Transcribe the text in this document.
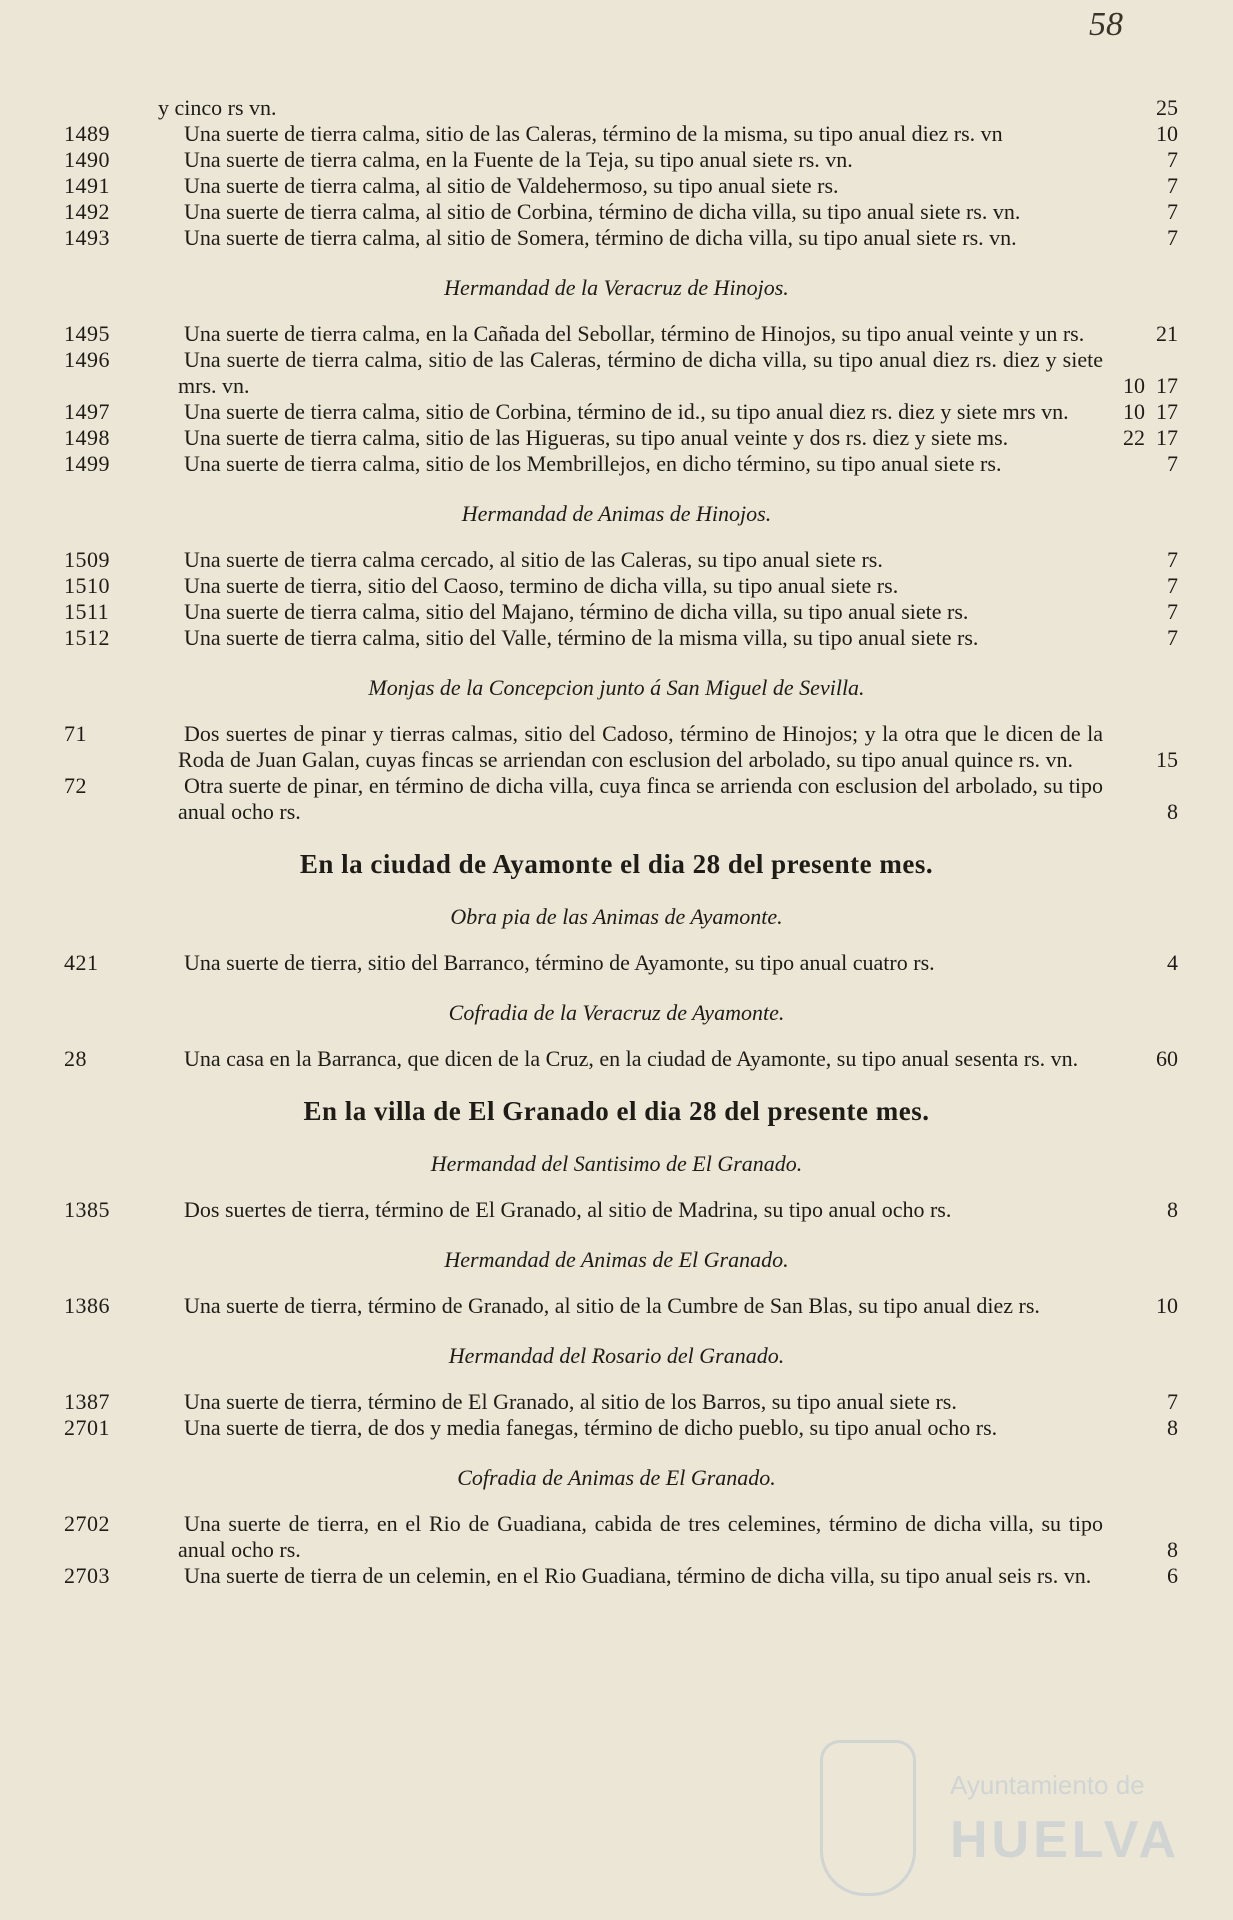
58
y cinco rs vn.	25
1489	Una suerte de tierra calma, sitio de las Caleras, término de la misma, su tipo anual diez rs. vn	10
1490	Una suerte de tierra calma, en la Fuente de la Teja, su tipo anual siete rs. vn.	7
1491	Una suerte de tierra calma, al sitio de Valdehermoso, su tipo anual siete rs.	7
1492	Una suerte de tierra calma, al sitio de Corbina, término de dicha villa, su tipo anual siete rs. vn.	7
1493	Una suerte de tierra calma, al sitio de Somera, término de dicha villa, su tipo anual siete rs. vn.	7
Hermandad de la Veracruz de Hinojos.
1495	Una suerte de tierra calma, en la Cañada del Sebollar, término de Hinojos, su tipo anual veinte y un rs.	21
1496	Una suerte de tierra calma, sitio de las Caleras, término de dicha villa, su tipo anual diez rs. diez y siete mrs. vn.	10  17
1497	Una suerte de tierra calma, sitio de Corbina, término de id., su tipo anual diez rs. diez y siete mrs vn.	10  17
1498	Una suerte de tierra calma, sitio de las Higueras, su tipo anual veinte y dos rs. diez y siete ms.	22  17
1499	Una suerte de tierra calma, sitio de los Membrillejos, en dicho término, su tipo anual siete rs.	7
Hermandad de Animas de Hinojos.
1509	Una suerte de tierra calma cercado, al sitio de las Caleras, su tipo anual siete rs.	7
1510	Una suerte de tierra, sitio del Caoso, termino de dicha villa, su tipo anual siete rs.	7
1511	Una suerte de tierra calma, sitio del Majano, término de dicha villa, su tipo anual siete rs.	7
1512	Una suerte de tierra calma, sitio del Valle, término de la misma villa, su tipo anual siete rs.	7
Monjas de la Concepcion junto á San Miguel de Sevilla.
71	Dos suertes de pinar y tierras calmas, sitio del Cadoso, término de Hinojos; y la otra que le dicen de la Roda de Juan Galan, cuyas fincas se arriendan con esclusion del arbolado, su tipo anual quince rs. vn.	15
72	Otra suerte de pinar, en término de dicha villa, cuya finca se arrienda con esclusion del arbolado, su tipo anual ocho rs.	8
En la ciudad de Ayamonte el dia 28 del presente mes.
Obra pia de las Animas de Ayamonte.
421	Una suerte de tierra, sitio del Barranco, término de Ayamonte, su tipo anual cuatro rs.	4
Cofradia de la Veracruz de Ayamonte.
28	Una casa en la Barranca, que dicen de la Cruz, en la ciudad de Ayamonte, su tipo anual sesenta rs. vn.	60
En la villa de El Granado el dia 28 del presente mes.
Hermandad del Santisimo de El Granado.
1385	Dos suertes de tierra, término de El Granado, al sitio de Madrina, su tipo anual ocho rs.	8
Hermandad de Animas de El Granado.
1386	Una suerte de tierra, término de Granado, al sitio de la Cumbre de San Blas, su tipo anual diez rs.	10
Hermandad del Rosario del Granado.
1387	Una suerte de tierra, término de El Granado, al sitio de los Barros, su tipo anual siete rs.	7
2701	Una suerte de tierra, de dos y media fanegas, término de dicho pueblo, su tipo anual ocho rs.	8
Cofradia de Animas de El Granado.
2702	Una suerte de tierra, en el Rio de Guadiana, cabida de tres celemines, término de dicha villa, su tipo anual ocho rs.	8
2703	Una suerte de tierra de un celemin, en el Rio Guadiana, término de dicha villa, su tipo anual seis rs. vn.	6
Ayuntamiento de
HUELVA
